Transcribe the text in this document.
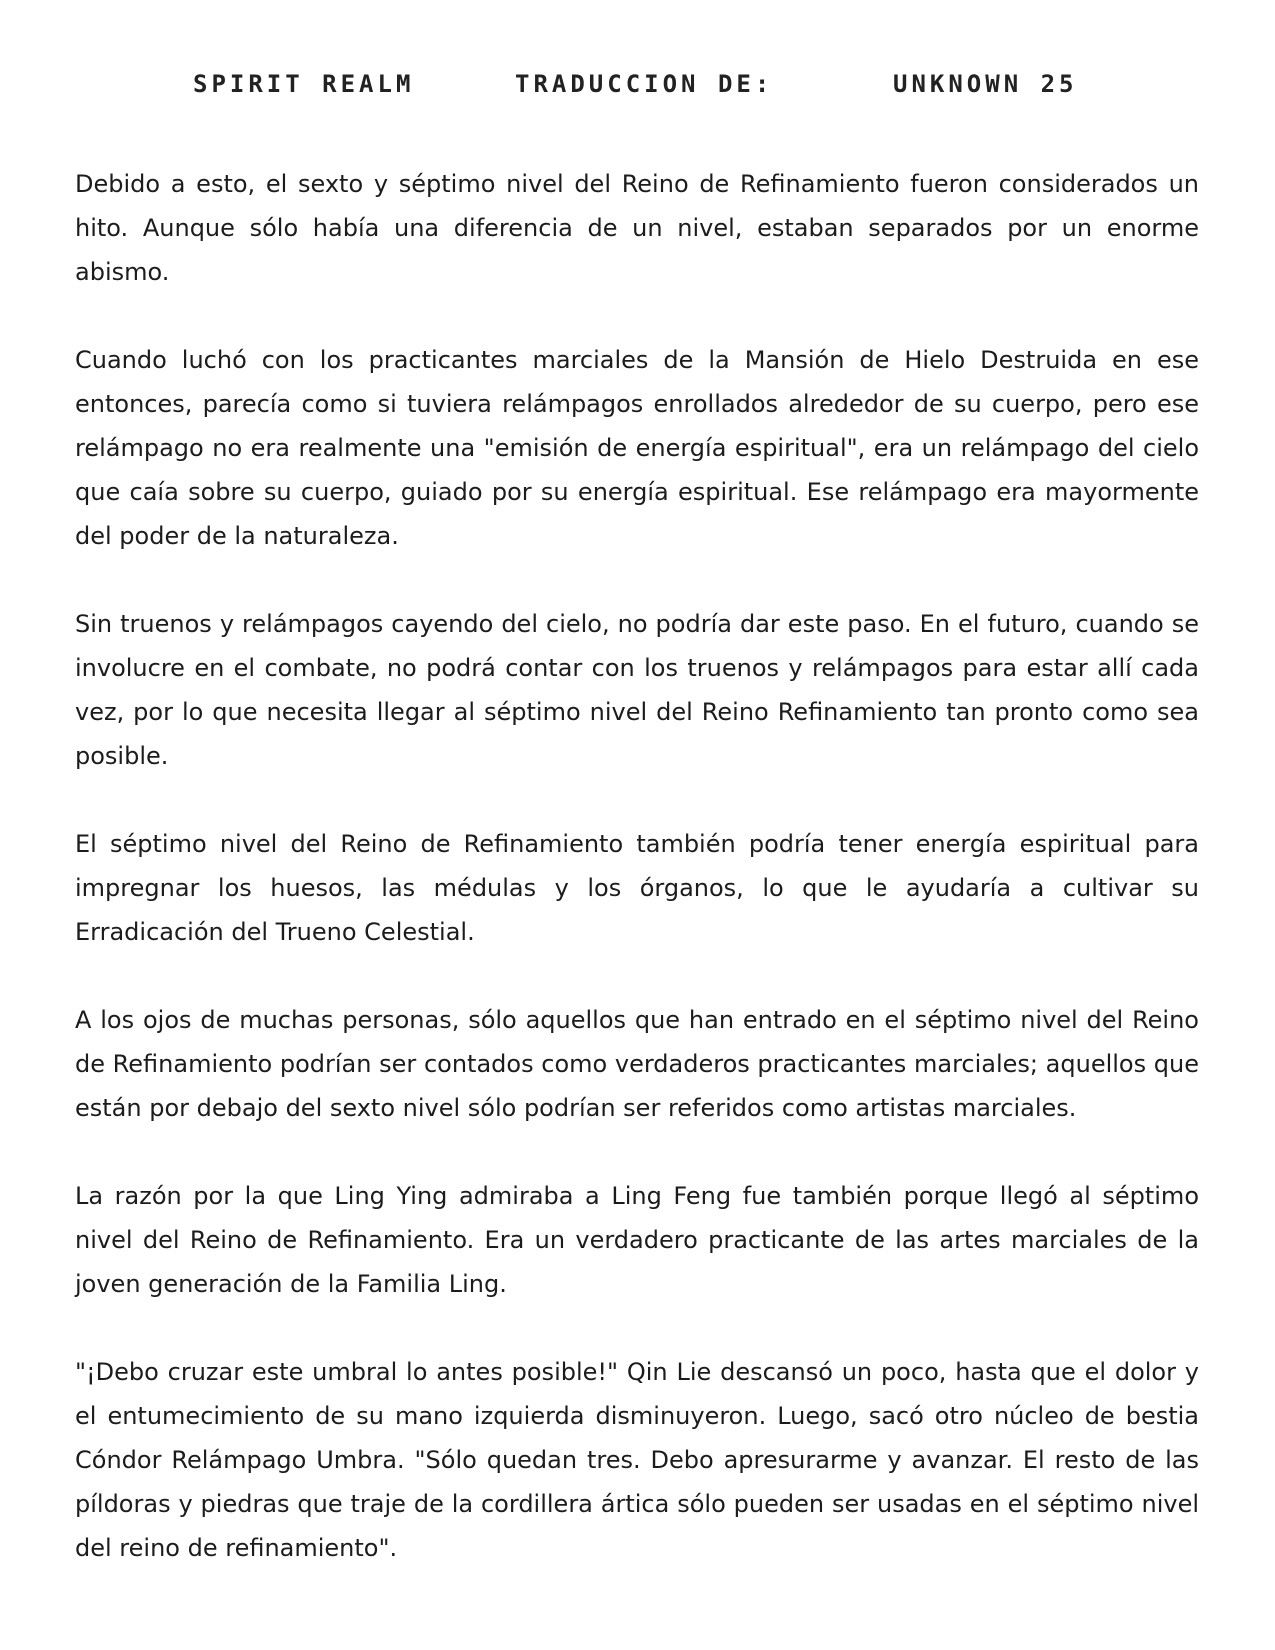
SPIRIT REALM	TRADUCCION DE:	UNKNOWN 25

Debido a esto, el sexto y séptimo nivel del Reino de Refinamiento fueron considerados un hito. Aunque sólo había una diferencia de un nivel, estaban separados por un enorme abismo.

Cuando luchó con los practicantes marciales de la Mansión de Hielo Destruida en ese entonces, parecía como si tuviera relámpagos enrollados alrededor de su cuerpo, pero ese relámpago no era realmente una "emisión de energía espiritual", era un relámpago del cielo que caía sobre su cuerpo, guiado por su energía espiritual. Ese relámpago era mayormente del poder de la naturaleza.

Sin truenos y relámpagos cayendo del cielo, no podría dar este paso. En el futuro, cuando se involucre en el combate, no podrá contar con los truenos y relámpagos para estar allí cada vez, por lo que necesita llegar al séptimo nivel del Reino Refinamiento tan pronto como sea posible.

El séptimo nivel del Reino de Refinamiento también podría tener energía espiritual para impregnar los huesos, las médulas y los órganos, lo que le ayudaría a cultivar su Erradicación del Trueno Celestial.

A los ojos de muchas personas, sólo aquellos que han entrado en el séptimo nivel del Reino de Refinamiento podrían ser contados como verdaderos practicantes marciales; aquellos que están por debajo del sexto nivel sólo podrían ser referidos como artistas marciales.

La razón por la que Ling Ying admiraba a Ling Feng fue también porque llegó al séptimo nivel del Reino de Refinamiento. Era un verdadero practicante de las artes marciales de la joven generación de la Familia Ling.

"¡Debo cruzar este umbral lo antes posible!" Qin Lie descansó un poco, hasta que el dolor y el entumecimiento de su mano izquierda disminuyeron. Luego, sacó otro núcleo de bestia Cóndor Relámpago Umbra. "Sólo quedan tres. Debo apresurarme y avanzar. El resto de las píldoras y piedras que traje de la cordillera ártica sólo pueden ser usadas en el séptimo nivel del reino de refinamiento".
